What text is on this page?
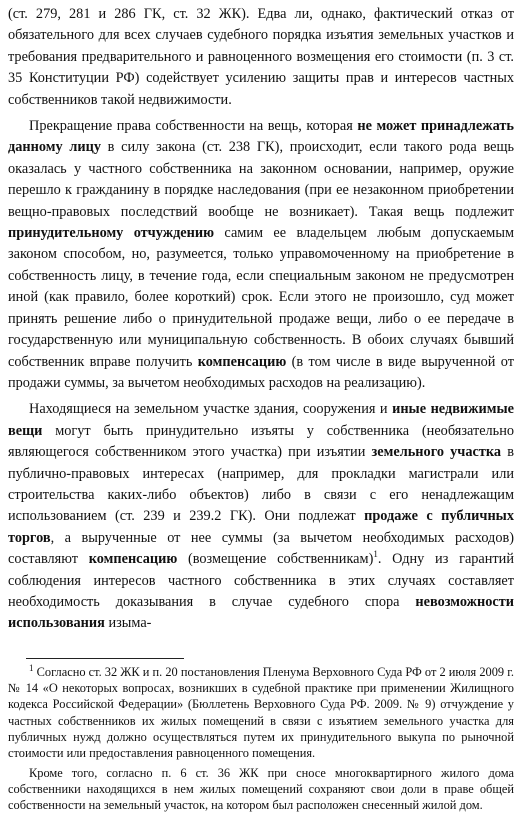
(ст. 279, 281 и 286 ГК, ст. 32 ЖК). Едва ли, однако, фактический отказ от обязательного для всех случаев судебного порядка изъятия земельных участков и требования предварительного и равноценного возмещения его стоимости (п. 3 ст. 35 Конституции РФ) содействует усилению защиты прав и интересов частных собственников такой недвижимости.

Прекращение права собственности на вещь, которая не может принадлежать данному лицу в силу закона (ст. 238 ГК), происходит, если такого рода вещь оказалась у частного собственника на законном основании, например, оружие перешло к гражданину в порядке наследования (при ее незаконном приобретении вещно-правовых последствий вообще не возникает). Такая вещь подлежит принудительному отчуждению самим ее владельцем любым допускаемым законом способом, но, разумеется, только управомоченному на приобретение в собственность лицу, в течение года, если специальным законом не предусмотрен иной (как правило, более короткий) срок. Если этого не произошло, суд может принять решение либо о принудительной продаже вещи, либо о ее передаче в государственную или муниципальную собственность. В обоих случаях бывший собственник вправе получить компенсацию (в том числе в виде вырученной от продажи суммы, за вычетом необходимых расходов на реализацию).

Находящиеся на земельном участке здания, сооружения и иные недвижимые вещи могут быть принудительно изъяты у собственника (необязательно являющегося собственником этого участка) при изъятии земельного участка в публично-правовых интересах (например, для прокладки магистрали или строительства каких-либо объектов) либо в связи с его ненадлежащим использованием (ст. 239 и 239.2 ГК). Они подлежат продаже с публичных торгов, а вырученные от нее суммы (за вычетом необходимых расходов) составляют компенсацию (возмещение собственникам)$^1$. Одну из гарантий соблюдения интересов частного собственника в этих случаях составляет необходимость доказывания в случае судебного спора невозможности использования изыма-

$^1$ Согласно ст. 32 ЖК и п. 20 постановления Пленума Верховного Суда РФ от 2 июля 2009 г. № 14 «О некоторых вопросах, возникших в судебной практике при применении Жилищного кодекса Российской Федерации» (Бюллетень Верховного Суда РФ. 2009. № 9) отчуждение у частных собственников их жилых помещений в связи с изъятием земельного участка для публичных нужд должно осуществляться путем их принудительного выкупа по рыночной стоимости или предоставления равноценного помещения.

Кроме того, согласно п. 6 ст. 36 ЖК при сносе многоквартирного жилого дома собственники находящихся в нем жилых помещений сохраняют свои доли в праве общей собственности на земельный участок, на котором был расположен снесенный жилой дом.
